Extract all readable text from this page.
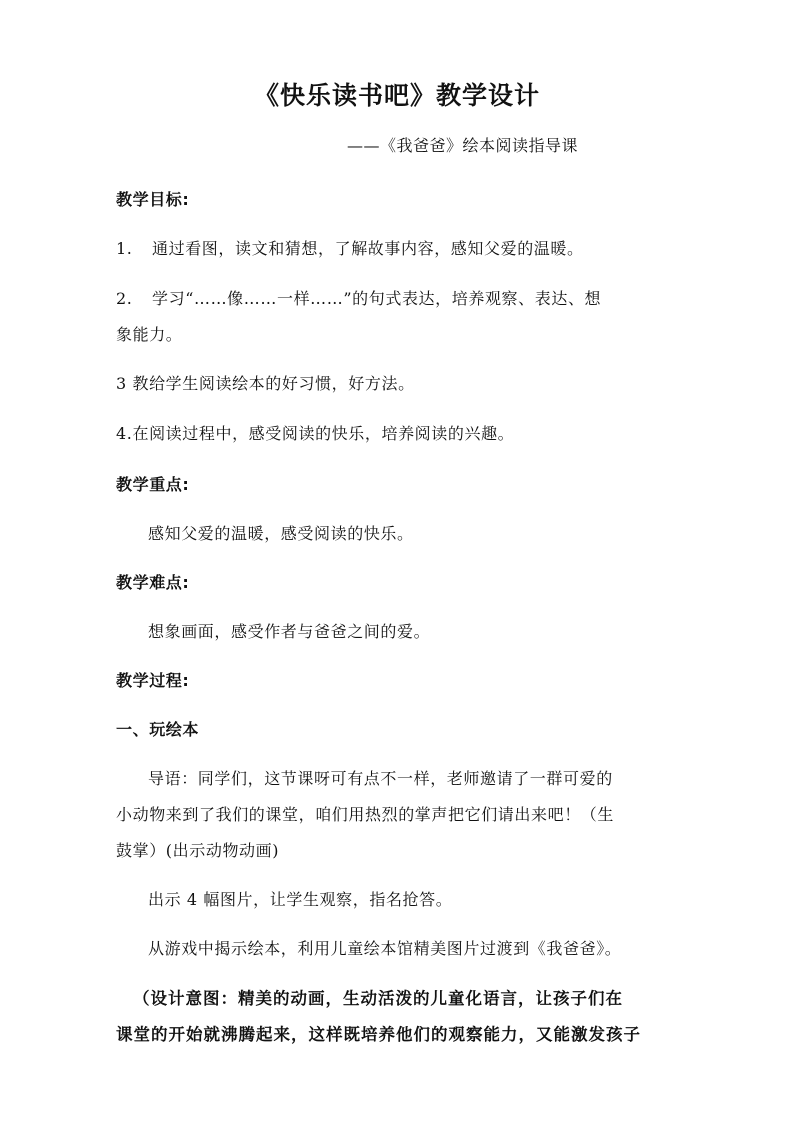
《快乐读书吧》教学设计
——《我爸爸》绘本阅读指导课
教学目标:
1. 通过看图，读文和猜想，了解故事内容，感知父爱的温暖。
2. 学习“……像……一样……”的句式表达，培养观察、表达、想
象能力。
3 教给学生阅读绘本的好习惯，好方法。
4.在阅读过程中，感受阅读的快乐，培养阅读的兴趣。
教学重点:
感知父爱的温暖，感受阅读的快乐。
教学难点:
想象画面，感受作者与爸爸之间的爱。
教学过程:
一、玩绘本
导语：同学们，这节课呀可有点不一样，老师邀请了一群可爱的
小动物来到了我们的课堂，咱们用热烈的掌声把它们请出来吧！（生
鼓掌）(出示动物动画)
出示 4 幅图片，让学生观察，指名抢答。
从游戏中揭示绘本，利用儿童绘本馆精美图片过渡到《我爸爸》。
（设计意图：精美的动画，生动活泼的儿童化语言，让孩子们在
课堂的开始就沸腾起来，这样既培养他们的观察能力，又能激发孩子
